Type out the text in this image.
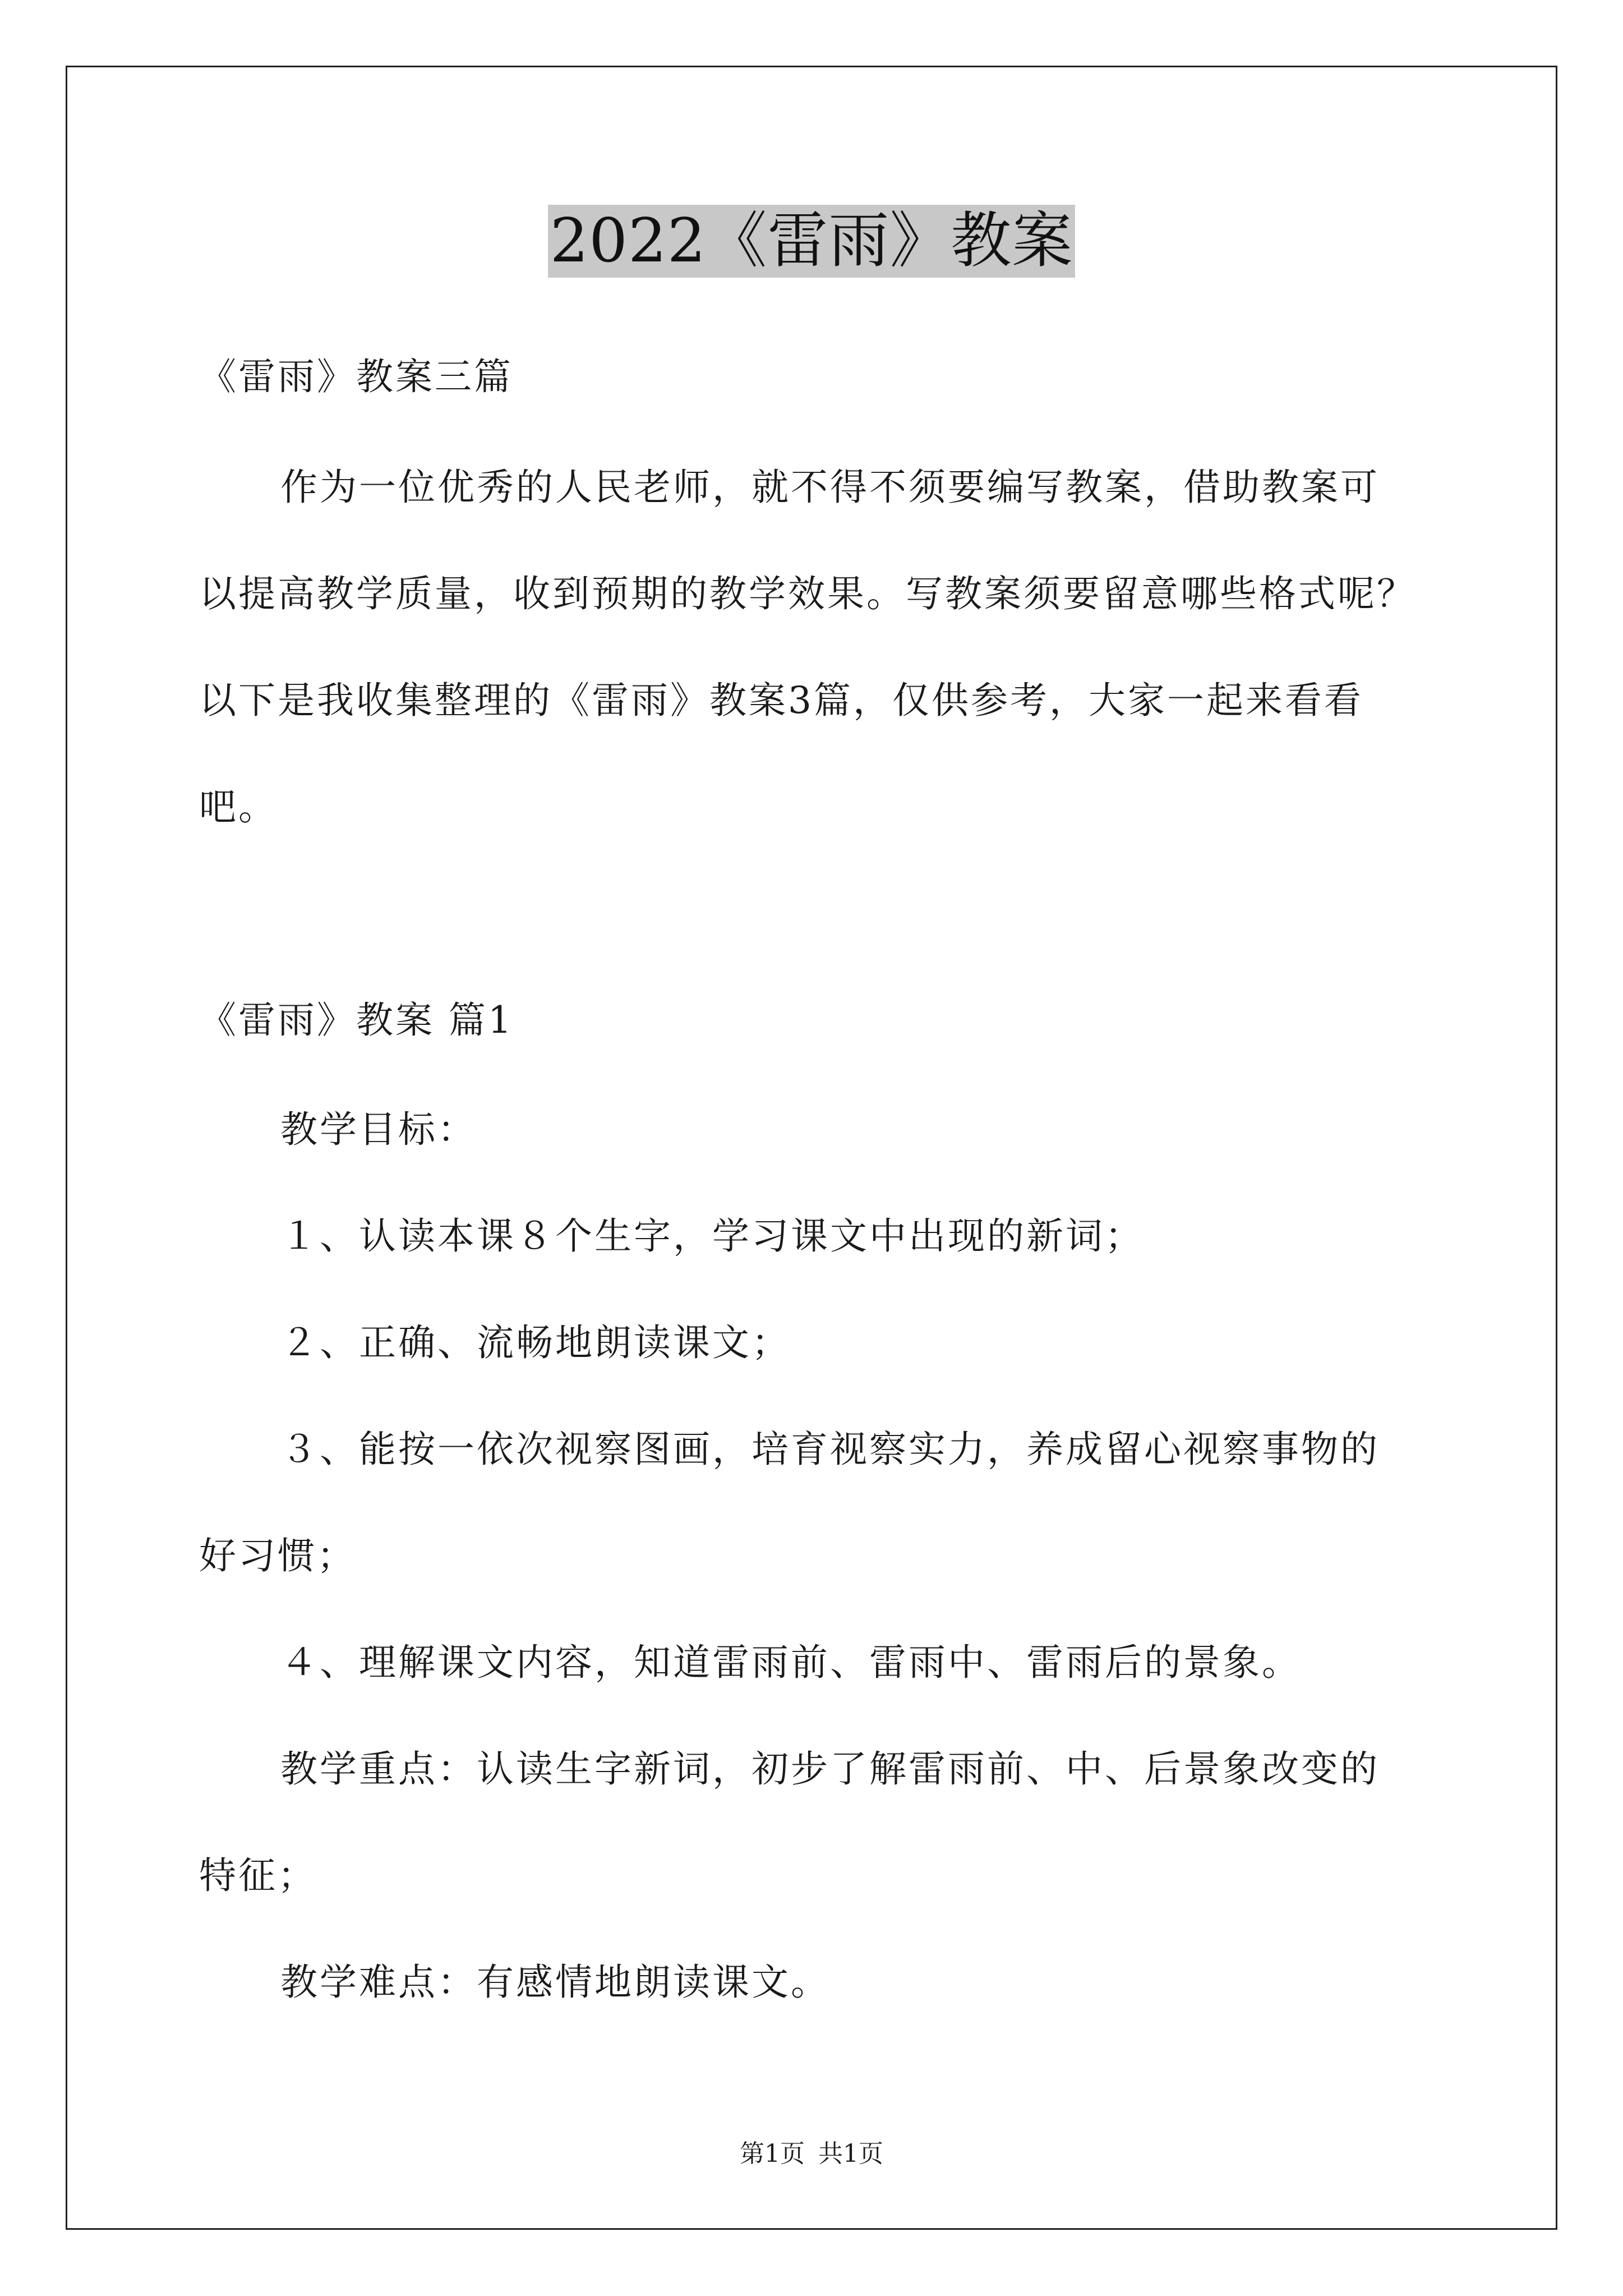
2022《雷雨》教案
《雷雨》教案三篇
作为一位优秀的人民老师，就不得不须要编写教案，借助教案可
以提高教学质量，收到预期的教学效果。写教案须要留意哪些格式呢？
以下是我收集整理的《雷雨》教案3篇，仅供参考，大家一起来看看
吧。
《雷雨》教案 篇1
教学目标：
１、认读本课８个生字，学习课文中出现的新词；
２、正确、流畅地朗读课文；
３、能按一依次视察图画，培育视察实力，养成留心视察事物的
好习惯；
４、理解课文内容，知道雷雨前、雷雨中、雷雨后的景象。
教学重点：认读生字新词，初步了解雷雨前、中、后景象改变的
特征；
教学难点：有感情地朗读课文。
第1页 共1页
